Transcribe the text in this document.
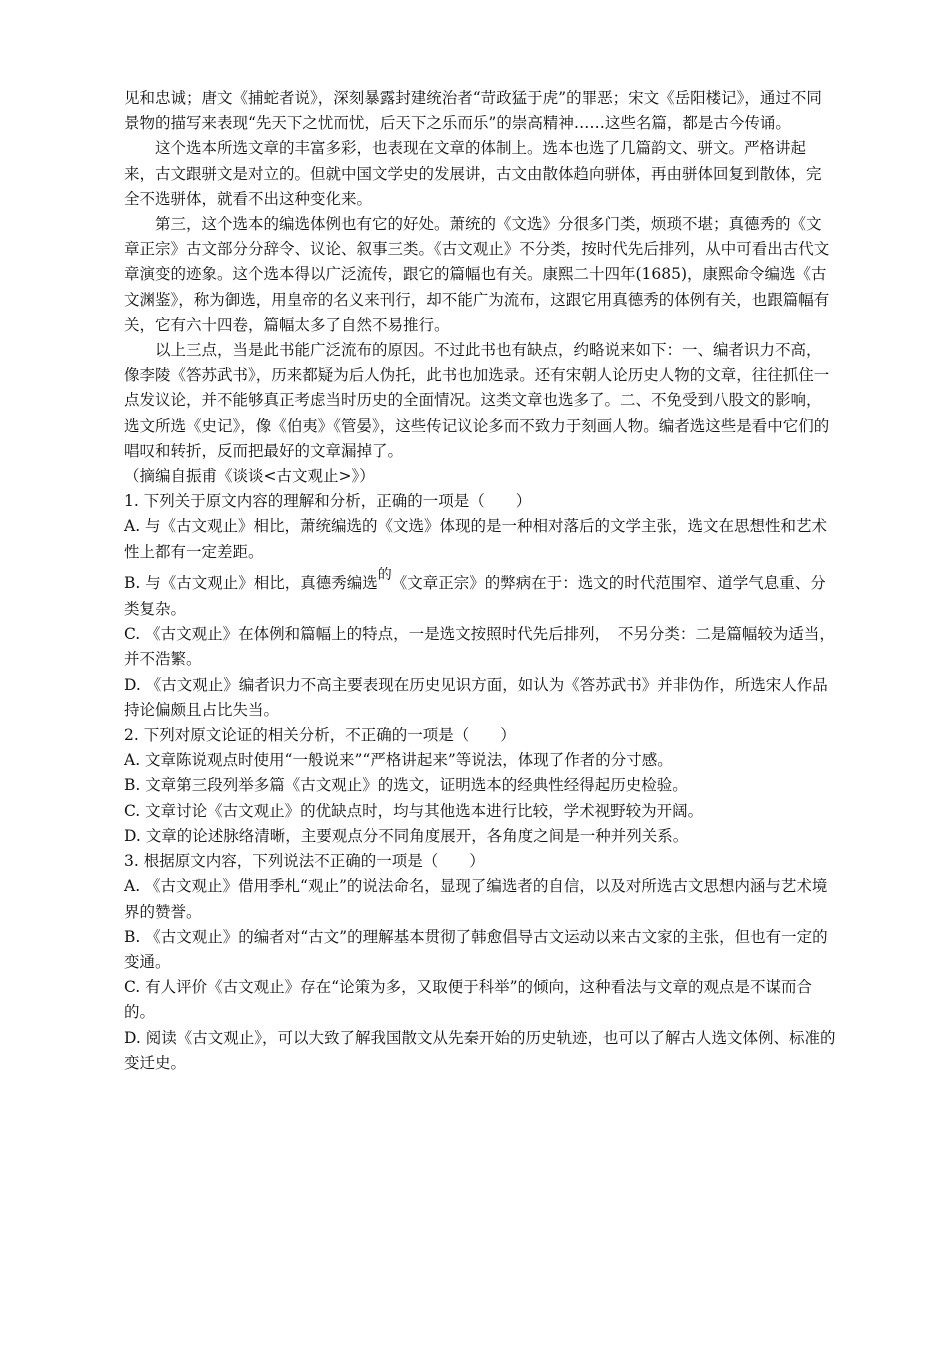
见和忠诚；唐文《捕蛇者说》，深刻暴露封建统治者“苛政猛于虎”的罪恶；宋文《岳阳楼记》，通过不同景物的描写来表现“先天下之忧而忧，后天下之乐而乐”的崇高精神……这些名篇，都是古今传诵。

这个选本所选文章的丰富多彩，也表现在文章的体制上。选本也选了几篇韵文、骈文。严格讲起来，古文跟骈文是对立的。但就中国文学史的发展讲，古文由散体趋向骈体，再由骈体回复到散体，完全不选骈体，就看不出这种变化来。

第三，这个选本的编选体例也有它的好处。萧统的《文选》分很多门类，烦琐不堪；真德秀的《文章正宗》古文部分分辞令、议论、叙事三类。《古文观止》不分类，按时代先后排列，从中可看出古代文章演变的迹象。这个选本得以广泛流传，跟它的篇幅也有关。康熙二十四年(1685)，康熙命令编选《古文渊鉴》，称为御选，用皇帝的名义来刊行，却不能广为流布，这跟它用真德秀的体例有关，也跟篇幅有关，它有六十四卷，篇幅太多了自然不易推行。

以上三点，当是此书能广泛流布的原因。不过此书也有缺点，约略说来如下：一、编者识力不高，像李陵《答苏武书》，历来都疑为后人伪托，此书也加选录。还有宋朝人论历史人物的文章，往往抓住一点发议论，并不能够真正考虑当时历史的全面情况。这类文章也选多了。二、不免受到八股文的影响，选文所选《史记》，像《伯夷》《管晏》，这些传记议论多而不致力于刻画人物。编者选这些是看中它们的唱叹和转折，反而把最好的文章漏掉了。

（摘编自振甫《谈谈<古文观止>》）

1. 下列关于原文内容的理解和分析，正确的一项是（　　）

A. 与《古文观止》相比，萧统编选的《文选》体现的是一种相对落后的文学主张，选文在思想性和艺术性上都有一定差距。

B. 与《古文观止》相比，真德秀编选的《文章正宗》的弊病在于：选文的时代范围窄、道学气息重、分类复杂。

C. 《古文观止》在体例和篇幅上的特点，一是选文按照时代先后排列，　不另分类：二是篇幅较为适当，并不浩繁。

D. 《古文观止》编者识力不高主要表现在历史见识方面，如认为《答苏武书》并非伪作，所选宋人作品持论偏颇且占比失当。

2. 下列对原文论证的相关分析，不正确的一项是（　　）

A. 文章陈说观点时使用“一般说来”“严格讲起来”等说法，体现了作者的分寸感。

B. 文章第三段列举多篇《古文观止》的选文，证明选本的经典性经得起历史检验。

C. 文章讨论《古文观止》的优缺点时，均与其他选本进行比较，学术视野较为开阔。

D. 文章的论述脉络清晰，主要观点分不同角度展开，各角度之间是一种并列关系。

3. 根据原文内容，下列说法不正确的一项是（　　）

A. 《古文观止》借用季札“观止”的说法命名，显现了编选者的自信，以及对所选古文思想内涵与艺术境界的赞誉。

B. 《古文观止》的编者对“古文”的理解基本贯彻了韩愈倡导古文运动以来古文家的主张，但也有一定的变通。

C. 有人评价《古文观止》存在“论策为多，又取便于科举”的倾向，这种看法与文章的观点是不谋而合的。

D. 阅读《古文观止》，可以大致了解我国散文从先秦开始的历史轨迹，也可以了解古人选文体例、标准的变迁史。
